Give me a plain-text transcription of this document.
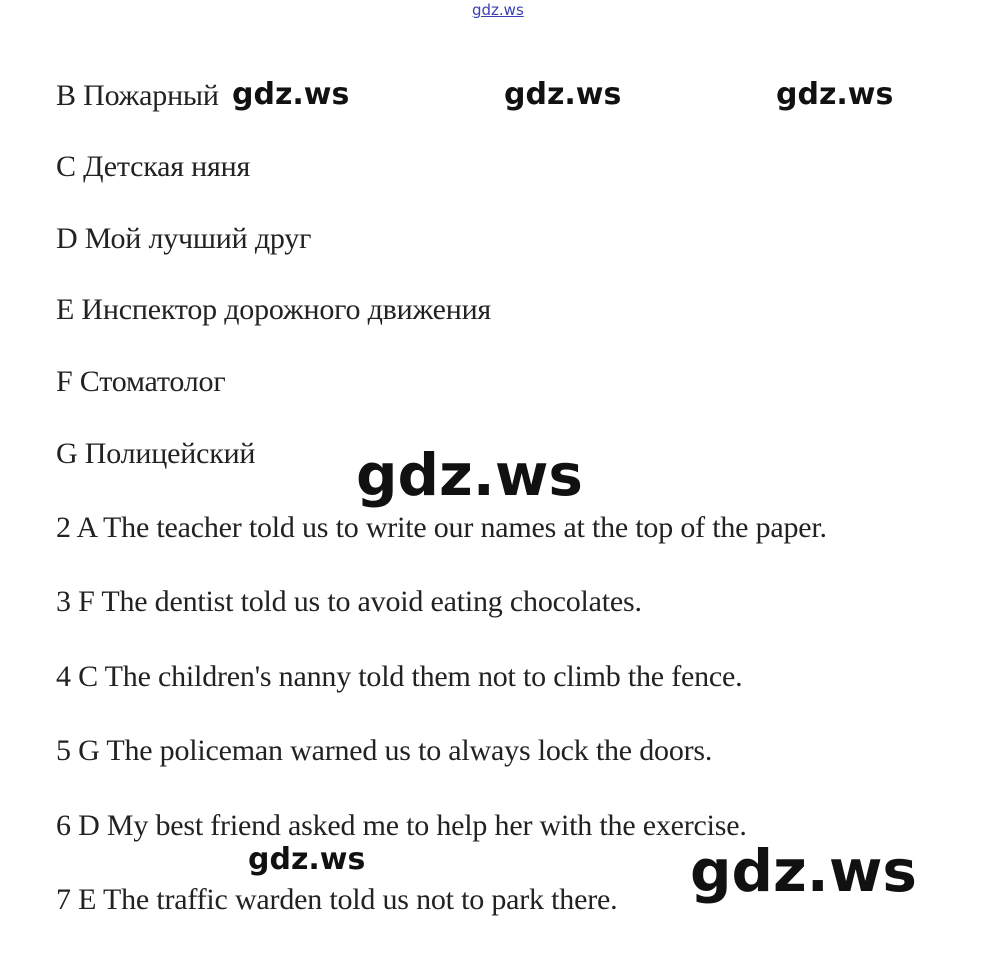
B Пожарный
C Детская няня
D Мой лучший друг
E Инспектор дорожного движения
F Стоматолог
G Полицейский
2 A The teacher told us to write our names at the top of the paper.
3 F The dentist told us to avoid eating chocolates.
4 C The children's nanny told them not to climb the fence.
5 G The policeman warned us to always lock the doors.
6 D My best friend asked me to help her with the exercise.
7 E The traffic warden told us not to park there.
gdz.ws
gdz.ws	gdz.ws	gdz.ws
gdz.ws
gdz.ws	gdz.ws
